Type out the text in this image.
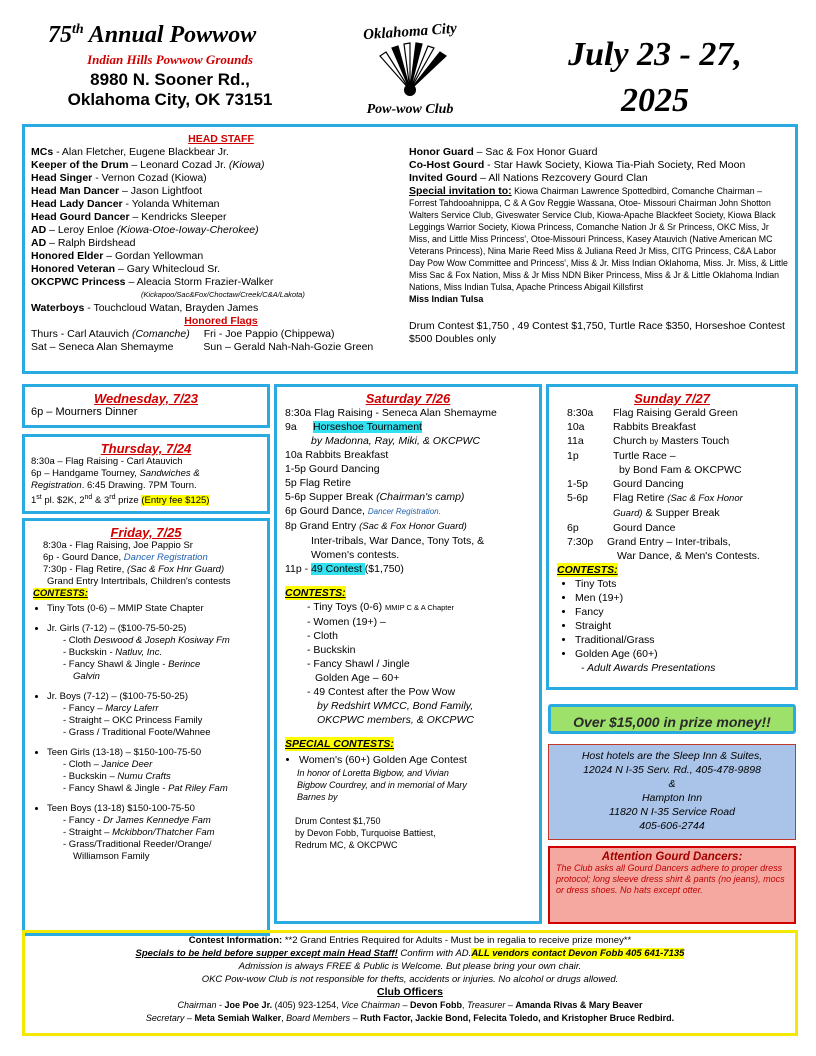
75th Annual Powwow
Indian Hills Powwow Grounds
8980 N. Sooner Rd.,
Oklahoma City, OK 73151
Oklahoma City
Pow-wow Club
July 23 - 27,
2025
HEAD STAFF
MCs - Alan Fletcher, Eugene Blackbear Jr.
Keeper of the Drum – Leonard Cozad Jr. (Kiowa)
Head Singer - Vernon Cozad (Kiowa)
Head Man Dancer – Jason Lightfoot
Head Lady Dancer - Yolanda Whiteman
Head Gourd Dancer – Kendricks Sleeper
AD – Leroy Enloe (Kiowa-Otoe-Ioway-Cherokee)
AD – Ralph Birdshead
Honored Elder – Gordan Yellowman
Honored Veteran – Gary Whitecloud Sr.
OKCPWC Princess – Aleacia Storm Frazier-Walker
(Kickapoo/Sac&Fox/Choctaw/Creek/C&A/Lakota)
Waterboys - Touchcloud Watan, Brayden James
Honored Flags
Thurs - Carl Atauvich (Comanche) Fri - Joe Pappio (Chippewa)
Sat – Seneca Alan Shemayme	Sun – Gerald Nah-Nah-Gozie Green
Honor Guard – Sac & Fox Honor Guard
Co-Host Gourd - Star Hawk Society, Kiowa Tia-Piah Society, Red Moon
Invited Gourd – All Nations Rezcovery Gourd Clan
Special invitation to: Kiowa Chairman Lawrence Spottedbird, Comanche Chairman – Forrest Tahdooahnippa, C & A Gov Reggie Wassana, Otoe- Missouri Chairman John Shotton Walters Service Club, Giveswater Service Club, Kiowa-Apache Blackfeet Society, Kiowa Black Leggings Warrior Society, Kiowa Princess, Comanche Nation Jr & Sr Princess, OKC Miss, Jr Miss, and Little Miss Princess', Otoe-Missouri Princess, Kasey Atauvich (Native American MC Veterans Princess), Nina Marie Reed Miss & Juliana Reed Jr Miss, CITG Princess, C&A Labor Day Pow Wow Committee and Princess', Miss & Jr. Miss Indian Oklahoma, Miss. Jr. Miss, & Little Miss Sac & Fox Nation, Miss & Jr Miss NDN Biker Princess, Miss & Jr & Little Oklahoma Indian Nations, Miss Indian Tulsa, Apache Princess Abigail Killsfirst
Miss Indian Tulsa
Drum Contest $1,750 , 49 Contest $1,750, Turtle Race $350, Horseshoe Contest $500 Doubles only
Wednesday, 7/23
6p – Mourners Dinner
Thursday, 7/24
8:30a – Flag Raising - Carl Atauvich
6p – Handgame Tourney, Sandwiches &
Registration. 6:45 Drawing. 7PM Tourn.
1st pl. $2K, 2nd & 3rd prize (Entry fee $125)
Friday, 7/25
8:30a - Flag Raising, Joe Pappio Sr
6p - Gourd Dance, Dancer Registration
7:30p - Flag Retire, (Sac & Fox Hnr Guard)
Grand Entry Intertribals, Children's contests
CONTESTS:
• Tiny Tots (0-6) – MMIP State Chapter
• Jr. Girls (7-12) – ($100-75-50-25)
- Cloth Deswood & Joseph Kosiway Fm
- Buckskin - Natluv, Inc.
- Fancy Shawl & Jingle - Berince
Galvin
• Jr. Boys (7-12) – ($100-75-50-25)
- Fancy – Marcy Laferr
- Straight – OKC Princess Family
- Grass / Traditional Foote/Wahnee
• Teen Girls (13-18) – $150-100-75-50
- Cloth – Janice Deer
- Buckskin – Numu Crafts
- Fancy Shawl & Jingle - Pat Riley Fam
• Teen Boys (13-18) $150-100-75-50
- Fancy - Dr James Kennedye Fam
- Straight – Mckibbon/Thatcher Fam
- Grass/Traditional Reeder/Orange/
Williamson Family
Saturday 7/26
8:30a Flag Raising - Seneca Alan Shemayme
9a Horseshoe Tournament
by Madonna, Ray, Miki, & OKCPWC
10a Rabbits Breakfast
1-5p Gourd Dancing
5p Flag Retire
5-6p Supper Break (Chairman's camp)
6p Gourd Dance, Dancer Registration.
8p Grand Entry (Sac & Fox Honor Guard)
Inter-tribals, War Dance, Tony Tots, &
Women's contests.
11p - 49 Contest ($1,750)
CONTESTS:
- Tiny Toys (0-6) MMIP C & A Chapter
- Women (19+) –
- Cloth
- Buckskin
- Fancy Shawl / Jingle
Golden Age – 60+
- 49 Contest after the Pow Wow
by Redshirt WMCC, Bond Family,
OKCPWC members, & OKCPWC
SPECIAL CONTESTS:
• Women's (60+) Golden Age Contest
In honor of Loretta Bigbow, and Vivian
Bigbow Courdrey, and in memorial of Mary
Barnes by
Drum Contest $1,750
by Devon Fobb, Turquoise Battiest,
Redrum MC, & OKCPWC
Sunday 7/27
8:30a Flag Raising Gerald Green
10a	Rabbits Breakfast
11a	Church by Masters Touch
1p	Turtle Race –
by Bond Fam & OKCPWC
1-5p Gourd Dancing
5-6p Flag Retire (Sac & Fox Honor
Guard) & Supper Break
6p	Gourd Dance
7:30p Grand Entry – Inter-tribals,
War Dance, & Men's Contests.
CONTESTS:
• Tiny Tots
• Men (19+)
• Fancy
• Straight
• Traditional/Grass
• Golden Age (60+)
- Adult Awards Presentations
Over $15,000 in prize money!!
Host hotels are the Sleep Inn & Suites,
12024 N I-35 Serv. Rd., 405-478-9898
&
Hampton Inn
11820 N I-35 Service Road
405-606-2744
Attention Gourd Dancers:
The Club asks all Gourd Dancers adhere to proper dress protocol; long sleeve dress shirt & pants (no jeans), mocs or dress shoes. No hats except otter.
Contest Information: **2 Grand Entries Required for Adults - Must be in regalia to receive prize money**
Specials to be held before supper except main Head Staff! Confirm with AD.ALL vendors contact Devon Fobb 405 641-7135
Admission is always FREE & Public is Welcome. But please bring your own chair.
OKC Pow-wow Club is not responsible for thefts, accidents or injuries. No alcohol or drugs allowed.
Club Officers
Chairman - Joe Poe Jr. (405) 923-1254, Vice Chairman – Devon Fobb, Treasurer – Amanda Rivas & Mary Beaver
Secretary – Meta Semiah Walker, Board Members – Ruth Factor, Jackie Bond, Felecita Toledo, and Kristopher Bruce Redbird.
